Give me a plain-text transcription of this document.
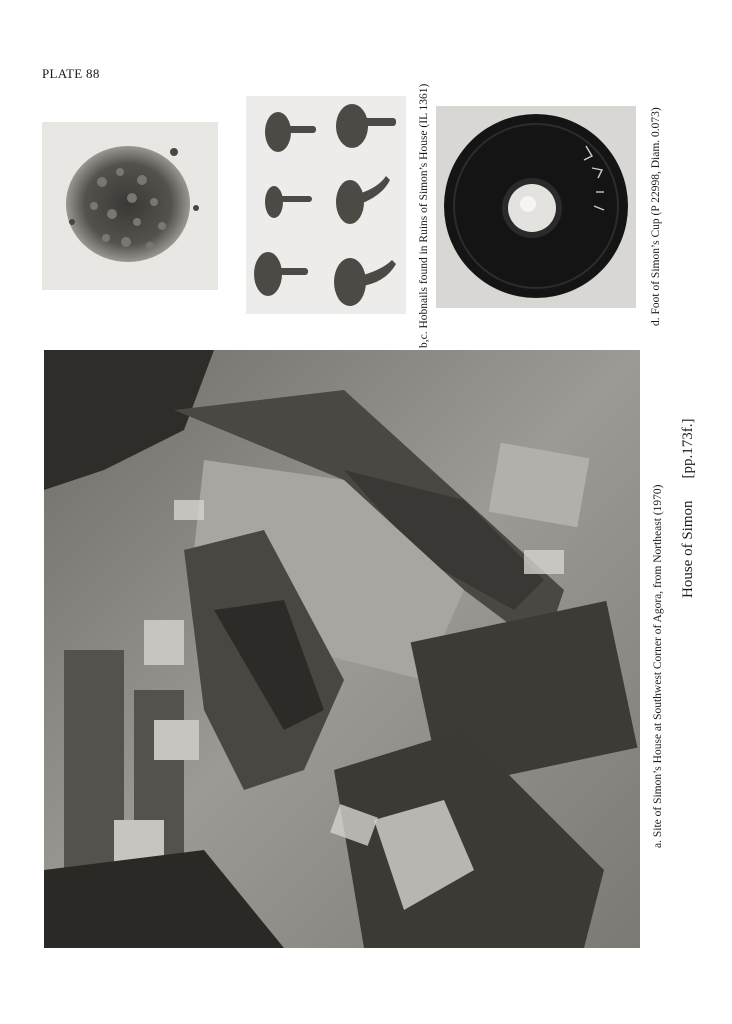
PLATE 88
b,c. Hobnails found in Ruins of Simon’s House (IL 1361)	d. Foot of Simon’s Cup (P 22998, Diam. 0.073)
a. Site of Simon’s House at Southwest Corner of Agora, from Northeast (1970) House of Simon[pp.173f.]
